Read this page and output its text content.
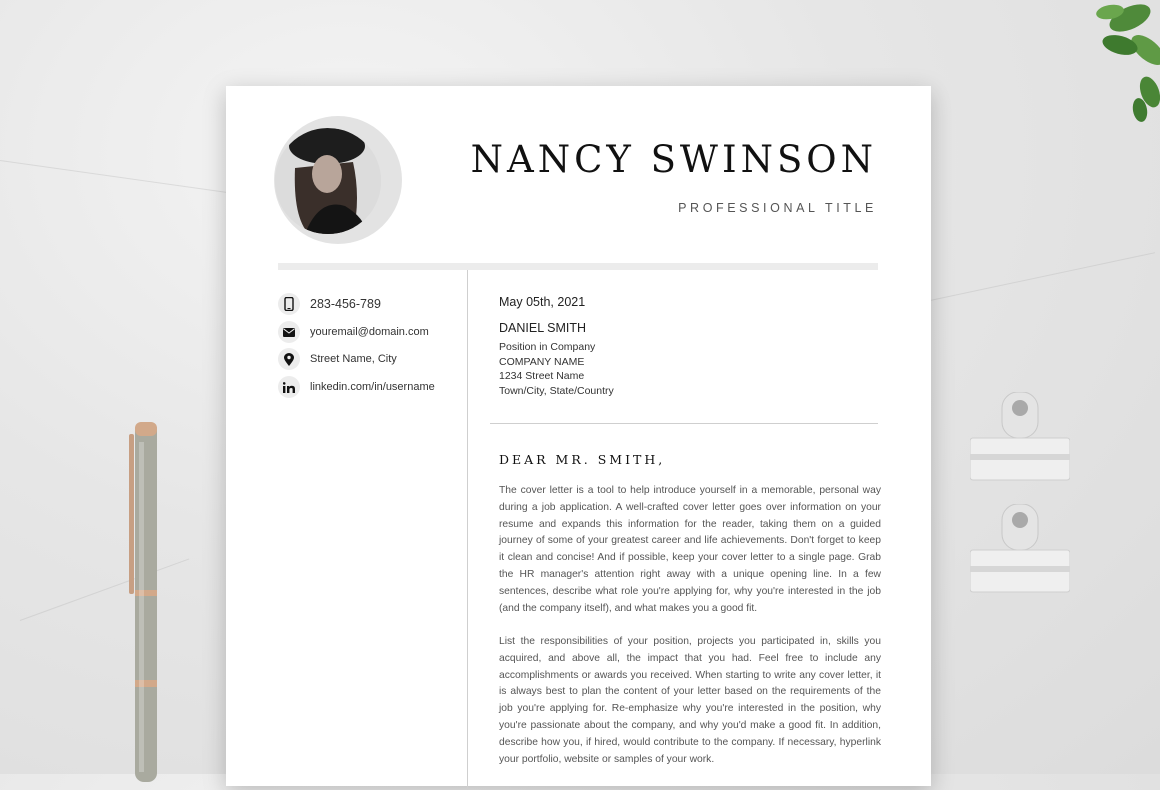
NANCY SWINSON
PROFESSIONAL TITLE
283-456-789
youremail@domain.com
Street Name, City
linkedin.com/in/username
May 05th, 2021
DANIEL SMITH
Position in Company
COMPANY NAME
1234 Street Name
Town/City, State/Country
DEAR MR. SMITH,
The cover letter is a tool to help introduce yourself in a memorable, personal way during a job application. A well-crafted cover letter goes over information on your resume and expands this information for the reader, taking them on a guided journey of some of your greatest career and life achievements. Don't forget to keep it clean and concise! And if possible, keep your cover letter to a single page. Grab the HR manager's attention right away with a unique opening line. In a few sentences, describe what role you're applying for, why you're interested in the job (and the company itself), and what makes you a good fit.
List the responsibilities of your position, projects you participated in, skills you acquired, and above all, the impact that you had. Feel free to include any accomplishments or awards you received. When starting to write any cover letter, it is always best to plan the content of your letter based on the requirements of the job you're applying for. Re-emphasize why you're interested in the position, why you're passionate about the company, and why you'd make a good fit. In addition, describe how you, if hired, would contribute to the company. If necessary, hyperlink your portfolio, website or samples of your work.
